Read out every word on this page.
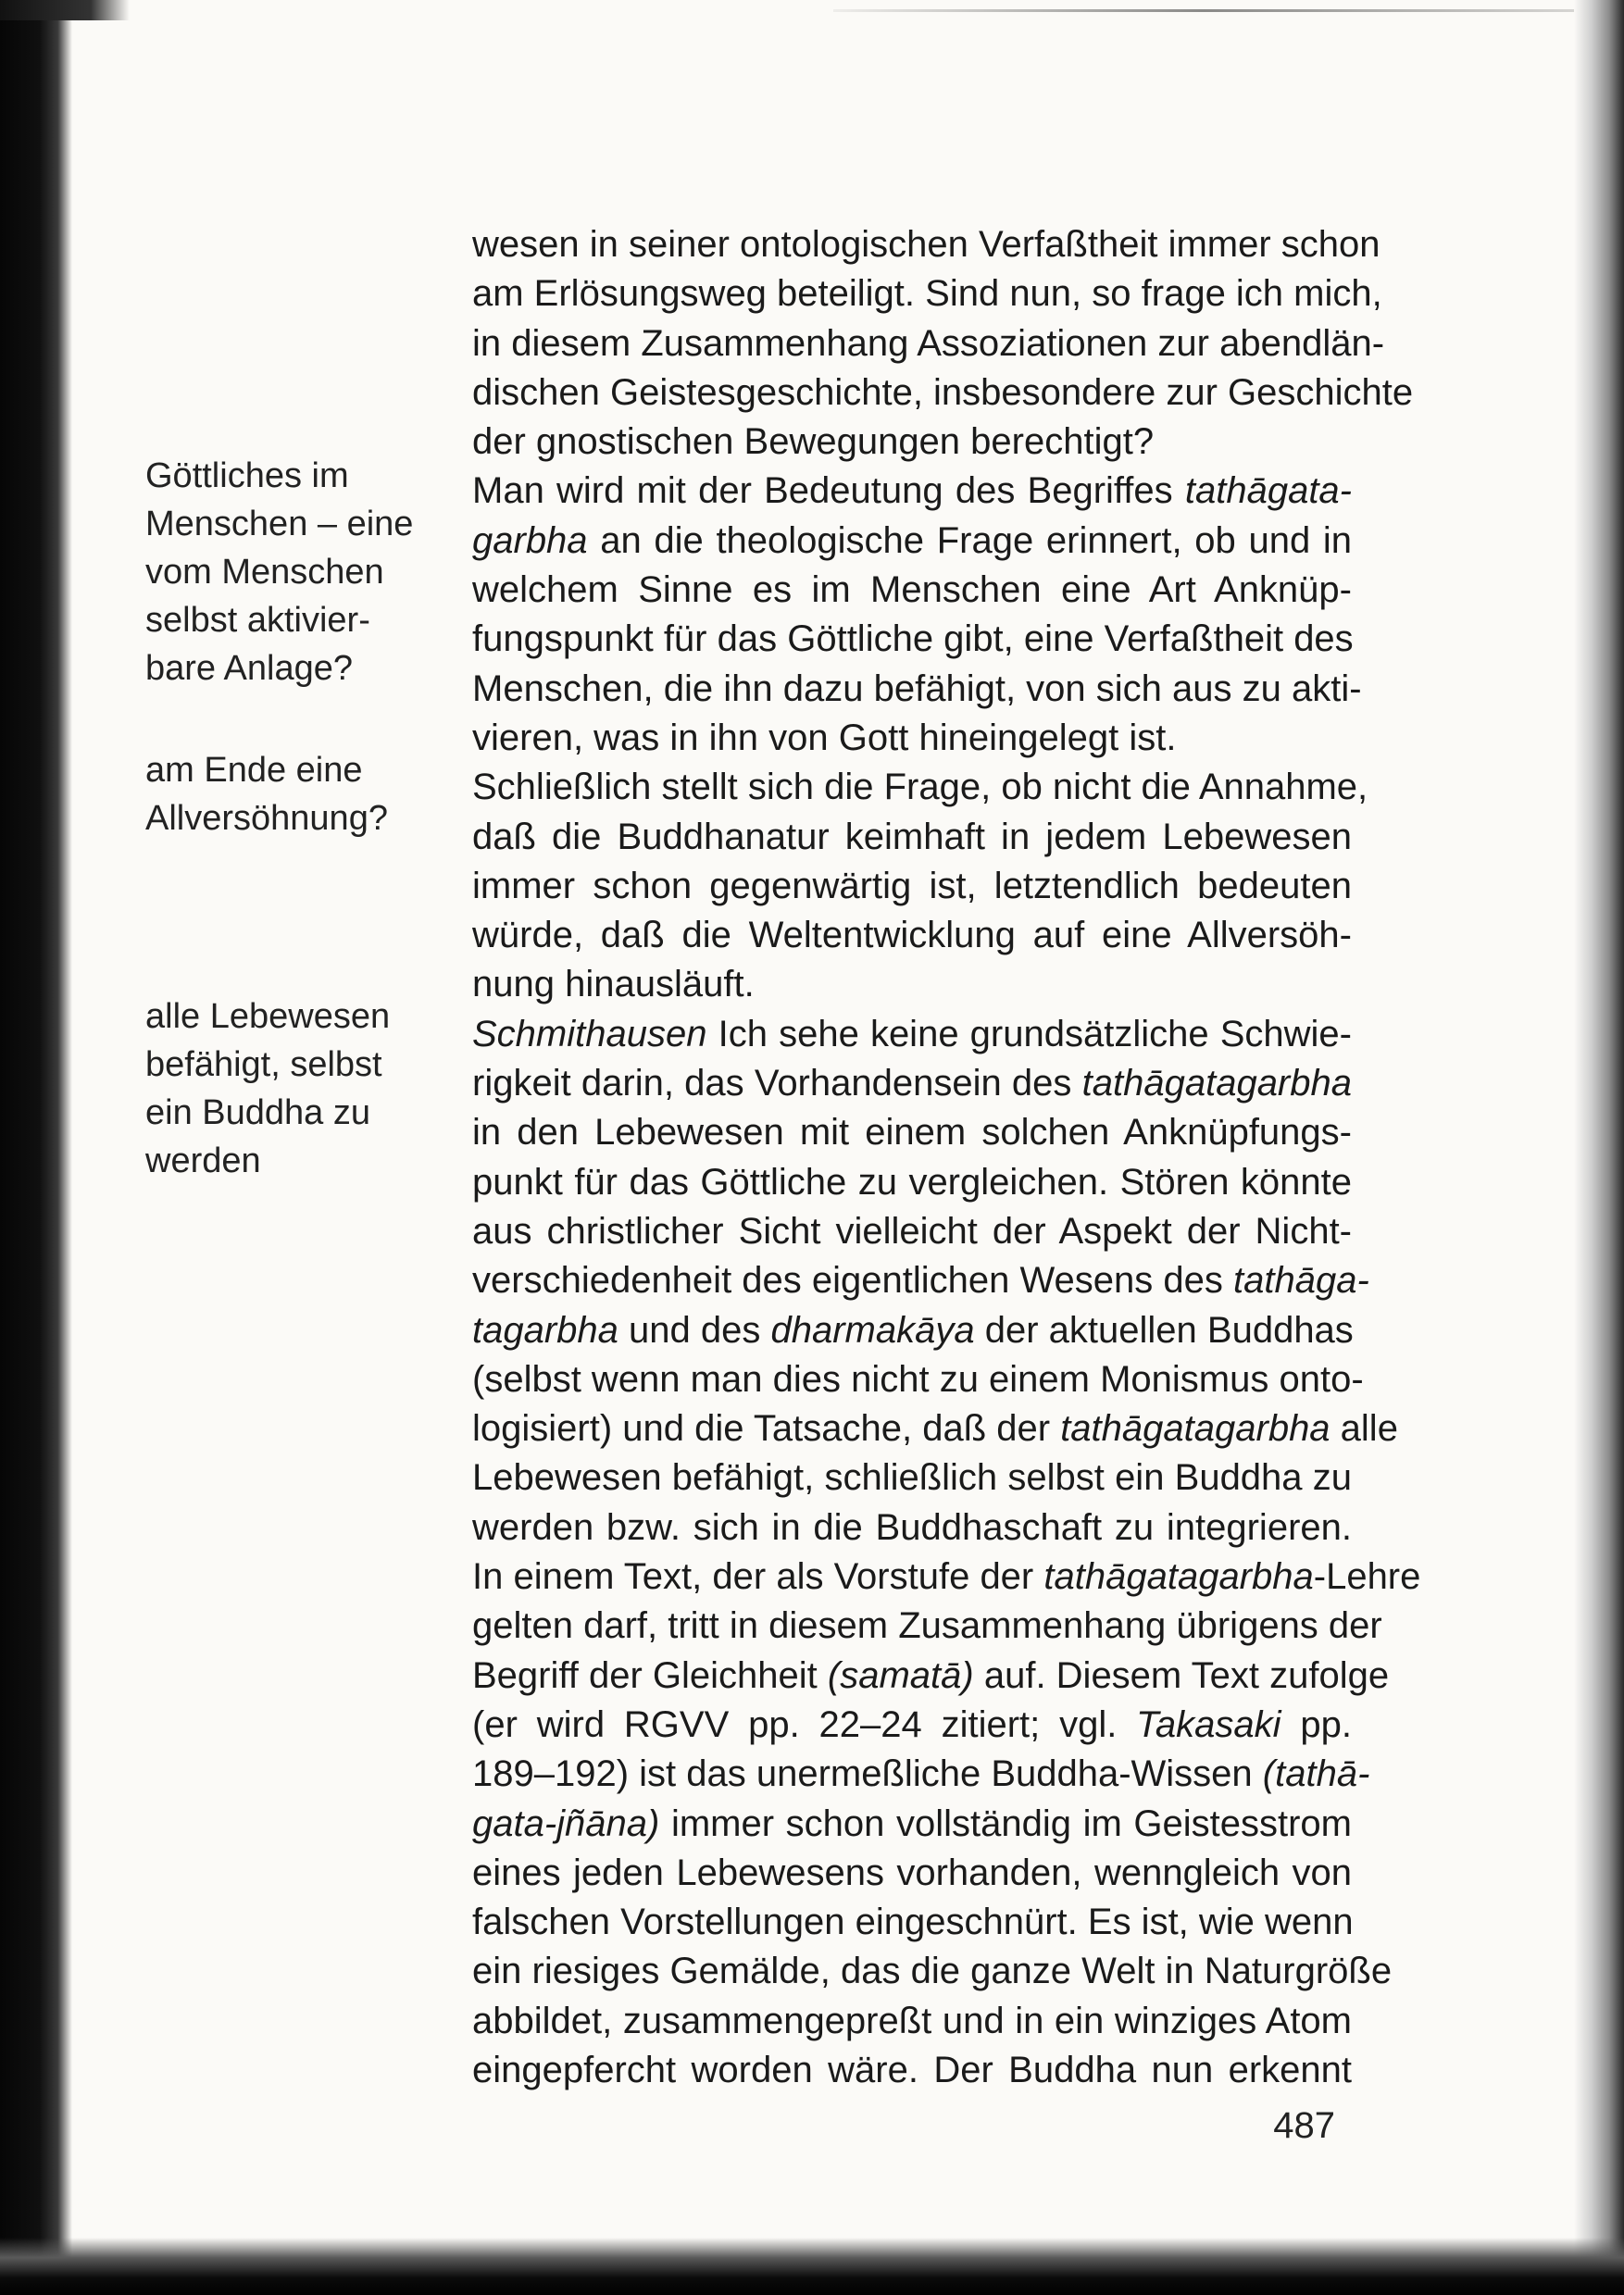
Göttliches im
Menschen – eine
vom Menschen
selbst aktivier-
bare Anlage?

am Ende eine
Allversöhnung?

alle Lebewesen
befähigt, selbst
ein Buddha zu
werden

wesen in seiner ontologischen Verfaßtheit immer schon
am Erlösungsweg beteiligt. Sind nun, so frage ich mich,
in diesem Zusammenhang Assoziationen zur abendlän-
dischen Geistesgeschichte, insbesondere zur Geschichte
der gnostischen Bewegungen berechtigt?
Man wird mit der Bedeutung des Begriffes tathāgata-
garbha an die theologische Frage erinnert, ob und in
welchem Sinne es im Menschen eine Art Anknüp-
fungspunkt für das Göttliche gibt, eine Verfaßtheit des
Menschen, die ihn dazu befähigt, von sich aus zu akti-
vieren, was in ihn von Gott hineingelegt ist.
Schließlich stellt sich die Frage, ob nicht die Annahme,
daß die Buddhanatur keimhaft in jedem Lebewesen
immer schon gegenwärtig ist, letztendlich bedeuten
würde, daß die Weltentwicklung auf eine Allversöh-
nung hinausläuft.
Schmithausen Ich sehe keine grundsätzliche Schwie-
rigkeit darin, das Vorhandensein des tathāgatagarbha
in den Lebewesen mit einem solchen Anknüpfungs-
punkt für das Göttliche zu vergleichen. Stören könnte
aus christlicher Sicht vielleicht der Aspekt der Nicht-
verschiedenheit des eigentlichen Wesens des tathāga-
tagarbha und des dharmakāya der aktuellen Buddhas
(selbst wenn man dies nicht zu einem Monismus onto-
logisiert) und die Tatsache, daß der tathāgatagarbha alle
Lebewesen befähigt, schließlich selbst ein Buddha zu
werden bzw. sich in die Buddhaschaft zu integrieren.
In einem Text, der als Vorstufe der tathāgatagarbha-Lehre
gelten darf, tritt in diesem Zusammenhang übrigens der
Begriff der Gleichheit (samatā) auf. Diesem Text zufolge
(er wird RGVV pp. 22–24 zitiert; vgl. Takasaki pp.
189–192) ist das unermeßliche Buddha-Wissen (tathā-
gata-jñāna) immer schon vollständig im Geistesstrom
eines jeden Lebewesens vorhanden, wenngleich von
falschen Vorstellungen eingeschnürt. Es ist, wie wenn
ein riesiges Gemälde, das die ganze Welt in Naturgröße
abbildet, zusammengepreßt und in ein winziges Atom
eingepfercht worden wäre. Der Buddha nun erkennt
487
